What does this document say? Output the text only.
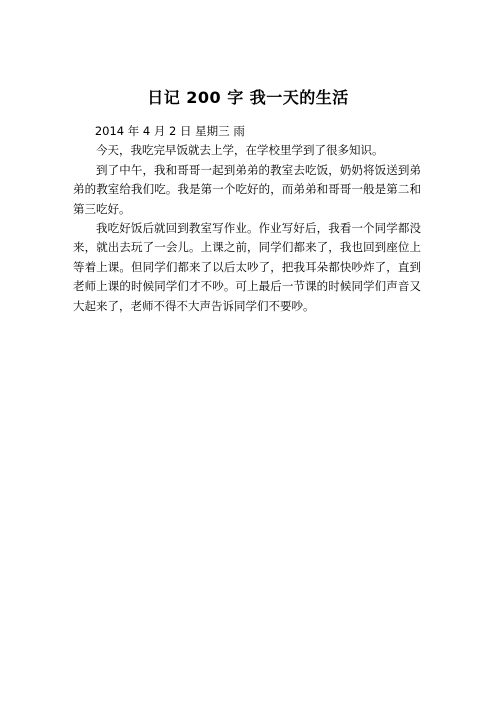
日记 200 字 我一天的生活

2014 年 4 月 2 日 星期三 雨

今天，我吃完早饭就去上学，在学校里学到了很多知识。

到了中午，我和哥哥一起到弟弟的教室去吃饭，奶奶将饭送到弟弟的教室给我们吃。我是第一个吃好的，而弟弟和哥哥一般是第二和第三吃好。

我吃好饭后就回到教室写作业。作业写好后，我看一个同学都没来，就出去玩了一会儿。上课之前，同学们都来了，我也回到座位上等着上课。但同学们都来了以后太吵了，把我耳朵都快吵炸了，直到老师上课的时候同学们才不吵。可上最后一节课的时候同学们声音又大起来了，老师不得不大声告诉同学们不要吵。
